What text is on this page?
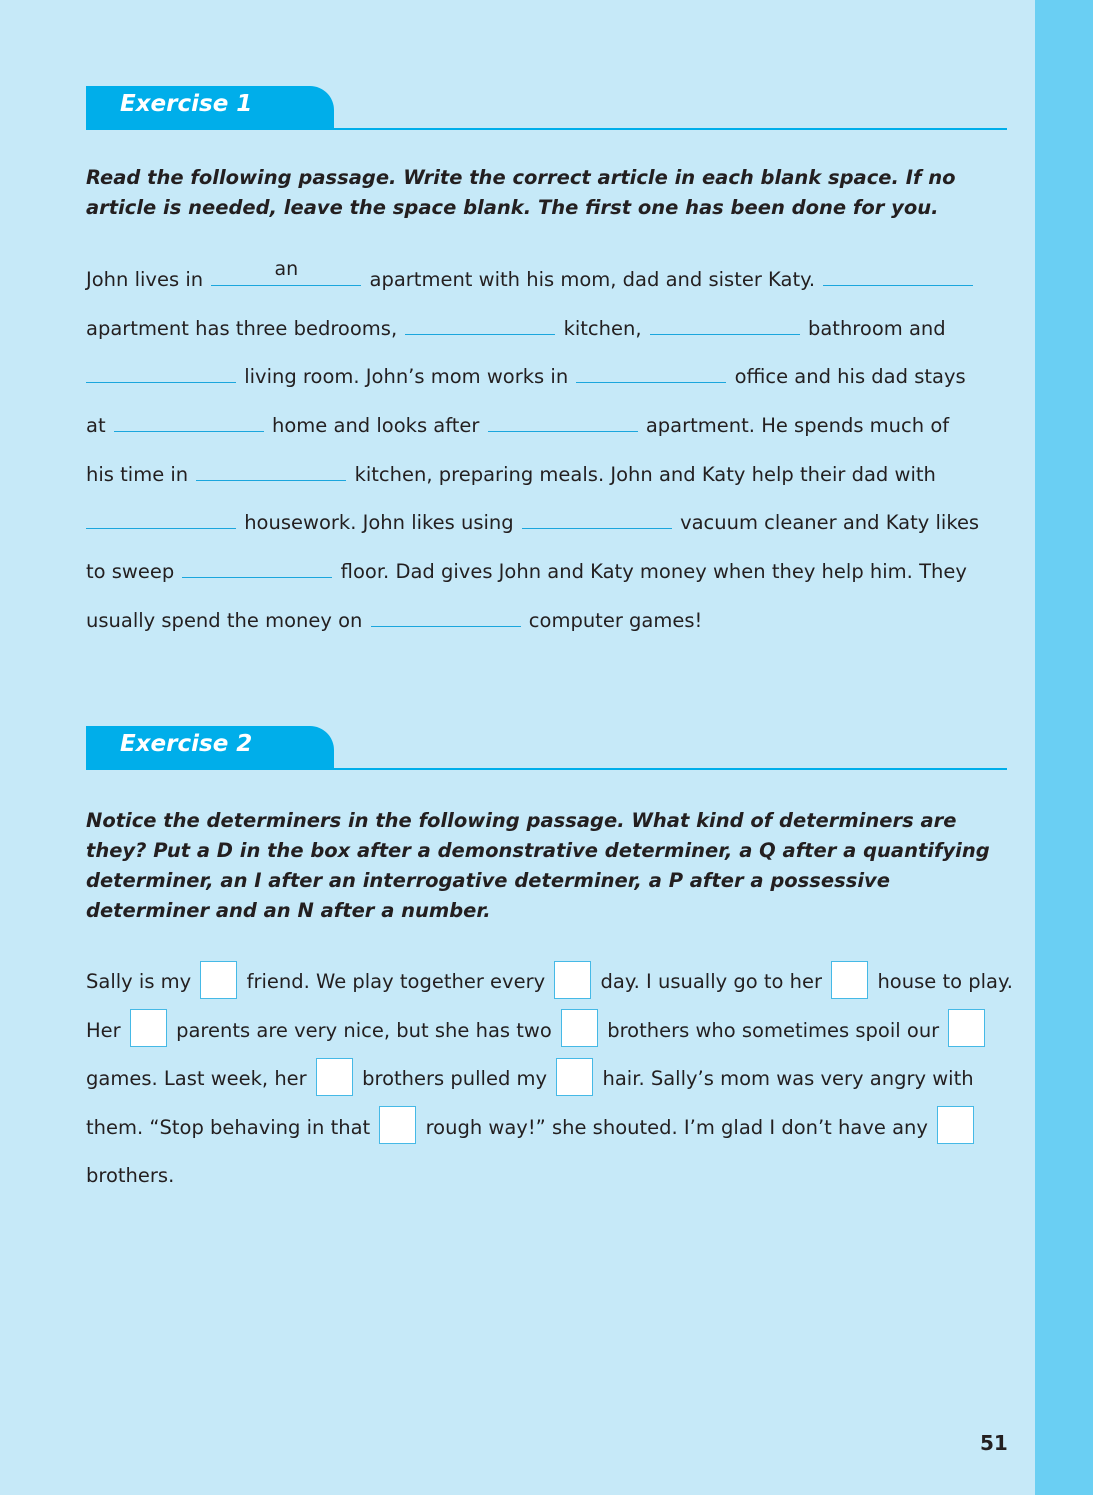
Exercise 1
Read the following passage. Write the correct article in each blank space. If no article is needed, leave the space blank. The first one has been done for you.
John lives in	an	apartment with his mom, dad and sister Katy.
apartment has three bedrooms,	kitchen,	bathroom and
living room. John’s mom works in	office and his dad stays
at	home and looks after	apartment. He spends much of
his time in	kitchen, preparing meals. John and Katy help their dad with
housework. John likes using	vacuum cleaner and Katy likes
to sweep	floor. Dad gives John and Katy money when they help him. They
usually spend the money on	computer games!
Exercise 2
Notice the determiners in the following passage. What kind of determiners are they? Put a D in the box after a demonstrative determiner, a Q after a quantifying determiner, an I after an interrogative determiner, a P after a possessive determiner and an N after a number.
Sally is my	friend. We play together every	day. I usually go to her	house to play.
Her	parents are very nice, but she has two	brothers who sometimes spoil our
games. Last week, her	brothers pulled my	hair. Sally’s mom was very angry with
them. “Stop behaving in that	rough way!” she shouted. I’m glad I don’t have any
brothers.
51
